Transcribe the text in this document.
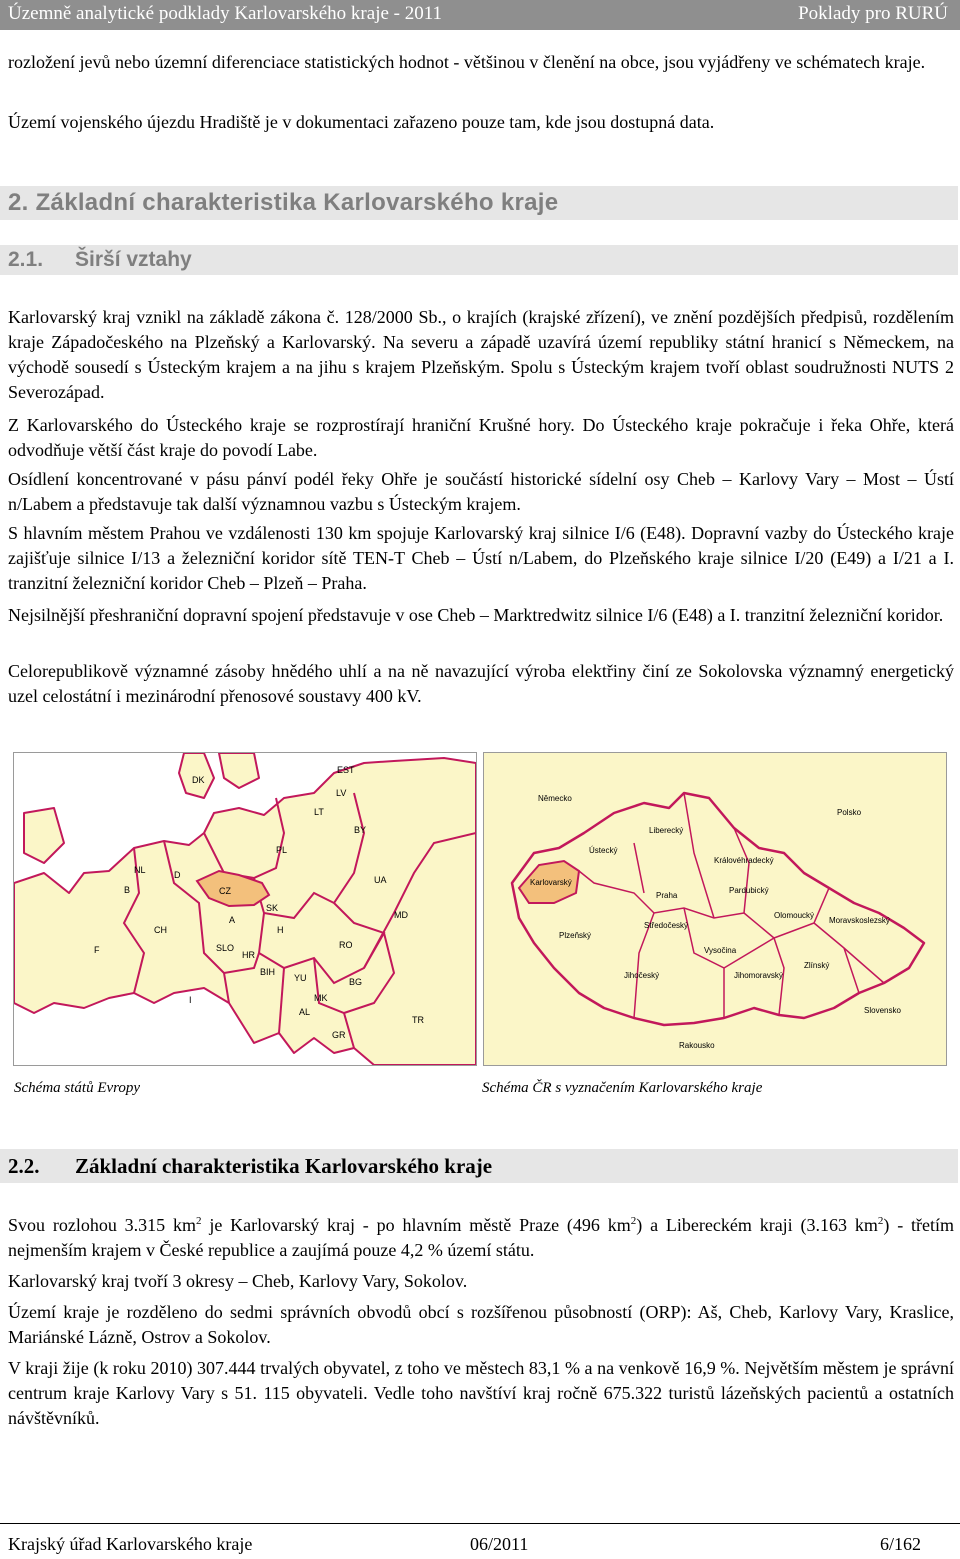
Územně analytické podklady Karlovarského kraje - 2011	Poklady pro RURÚ
rozložení jevů nebo územní diferenciace statistických hodnot - většinou v členění na obce, jsou vyjádřeny ve schématech kraje.
Území vojenského újezdu Hradiště je v dokumentaci zařazeno pouze tam, kde jsou dostupná data.
2. Základní charakteristika Karlovarského kraje
2.1. Širší vztahy
Karlovarský kraj vznikl na základě zákona č. 128/2000 Sb., o krajích (krajské zřízení), ve znění pozdějších předpisů, rozdělením kraje Západočeského na Plzeňský a Karlovarský. Na severu a západě uzavírá území republiky státní hranicí s Německem, na východě sousedí s Ústeckým krajem a na jihu s krajem Plzeňským. Spolu s Ústeckým krajem tvoří oblast soudružnosti NUTS 2 Severozápad.
Z Karlovarského do Ústeckého kraje se rozprostírají hraniční Krušné hory. Do Ústeckého kraje pokračuje i řeka Ohře, která odvodňuje větší část kraje do povodí Labe.
Osídlení koncentrované v pásu pánví podél řeky Ohře je součástí historické sídelní osy Cheb – Karlovy Vary – Most – Ústí n/Labem a představuje tak další významnou vazbu s Ústeckým krajem.
S hlavním městem Prahou ve vzdálenosti 130 km spojuje Karlovarský kraj silnice I/6 (E48). Dopravní vazby do Ústeckého kraje zajišťuje silnice I/13 a železniční koridor sítě TEN-T Cheb – Ústí n/Labem, do Plzeňského kraje silnice I/20 (E49) a I/21 a I. tranzitní železniční koridor Cheb – Plzeň – Praha.
Nejsilnější přeshraniční dopravní spojení představuje v ose Cheb – Marktredwitz silnice I/6 (E48) a I. tranzitní železniční koridor.
Celorepublikově významné zásoby hnědého uhlí a na ně navazující výroba elektřiny činí ze Sokolovska významný energetický uzel celostátní i mezinárodní přenosové soustavy 400 kV.
EST
LV
LT
D
PL
CZ
SK
A
SLO
H
HR
BIH
YU
RO
BG
UA
BY
MD
GR
TR
I
CH
F
NL
B
DK
AL
MK
Německo
Polsko
Karlovarský
Ústecký
Liberecký
Královéhradecký
Pardubický
Plzeňský
Praha
Středočeský
Vysočina
Jihočeský	Jihomoravský
Olomoucký
Moravskoslezský
Zlínský
Slovensko
Rakousko
Schéma států Evropy	Schéma ČR s vyznačením Karlovarského kraje
2.2. Základní charakteristika Karlovarského kraje
Svou rozlohou 3.315 $km^2$ je Karlovarský kraj - po hlavním městě Praze (496 $km^2$) a Libereckém kraji (3.163 $km^2$) - třetím nejmenším krajem v České republice a zaujímá pouze 4,2 % území státu.
Karlovarský kraj tvoří 3 okresy – Cheb, Karlovy Vary, Sokolov.
Území kraje je rozděleno do sedmi správních obvodů obcí s rozšířenou působností (ORP): Aš, Cheb, Karlovy Vary, Kraslice, Mariánské Lázně, Ostrov a Sokolov.
V kraji žije (k roku 2010) 307.444 trvalých obyvatel, z toho ve městech 83,1 % a na venkově 16,9 %. Největším městem je správní centrum kraje Karlovy Vary s 51. 115 obyvateli. Vedle toho navštíví kraj ročně 675.322 turistů lázeňských pacientů a ostatních návštěvníků.
Krajský úřad Karlovarského kraje	06/2011	6/162
